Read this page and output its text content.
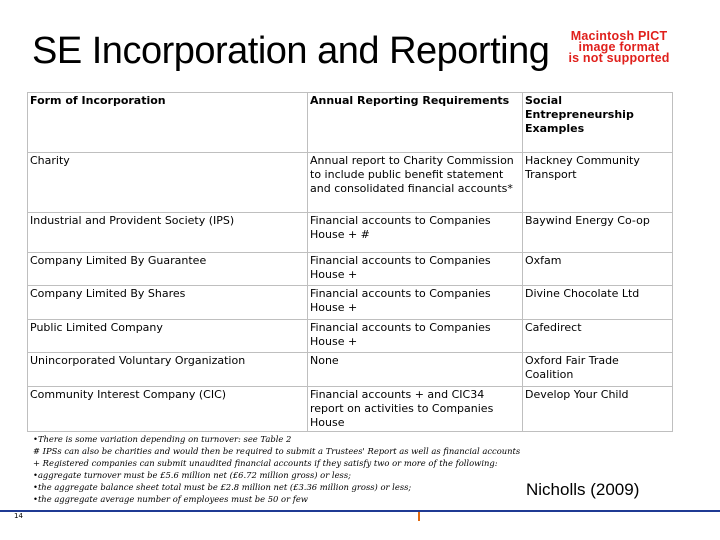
SE Incorporation and Reporting	Macintosh PICT
image format
is not supported
Form of Incorporation	Annual Reporting Requirements	Social Entrepreneurship Examples
Charity	Annual report to Charity Commission to include public benefit statement and consolidated financial accounts*	Hackney Community Transport
Industrial and Provident Society (IPS)	Financial accounts to Companies House + #	Baywind Energy Co-op
Company Limited By Guarantee	Financial accounts to Companies House +	Oxfam
Company Limited By Shares	Financial accounts to Companies House +	Divine Chocolate Ltd
Public Limited Company	Financial accounts to Companies House +	Cafedirect
Unincorporated Voluntary Organization	None	Oxford Fair Trade Coalition
Community Interest Company (CIC)	Financial accounts + and CIC34 report on activities to Companies House	Develop Your Child
•There is some variation depending on turnover: see Table 2
# IPSs can also be charities and would then be required to submit a Trustees' Report as well as financial accounts
+ Registered companies can submit unaudited financial accounts if they satisfy two or more of the following:
•aggregate turnover must be £5.6 million net (£6.72 million gross) or less;
•the aggregate balance sheet total must be £2.8 million net (£3.36 million gross) or less;
•the aggregate average number of employees must be 50 or few	Nicholls (2009)
14
